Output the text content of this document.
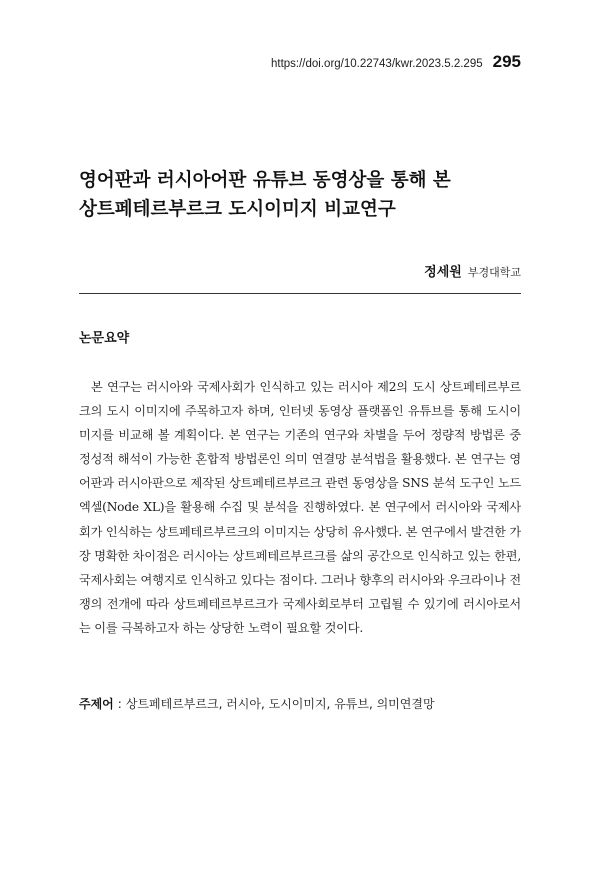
https://doi.org/10.22743/kwr.2023.5.2.295 295
영어판과 러시아어판 유튜브 동영상을 통해 본
상트페테르부르크 도시이미지 비교연구
정세원 부경대학교
논문요약
본 연구는 러시아와 국제사회가 인식하고 있는 러시아 제2의 도시 상트페테르부르크의 도시 이미지에 주목하고자 하며, 인터넷 동영상 플랫폼인 유튜브를 통해 도시이미지를 비교해 볼 계획이다. 본 연구는 기존의 연구와 차별을 두어 정량적 방법론 중 정성적 해석이 가능한 혼합적 방법론인 의미 연결망 분석법을 활용했다. 본 연구는 영어판과 러시아판으로 제작된 상트페테르부르크 관련 동영상을 SNS 분석 도구인 노드엑셀(Node XL)을 활용해 수집 및 분석을 진행하였다. 본 연구에서 러시아와 국제사회가 인식하는 상트페테르부르크의 이미지는 상당히 유사했다. 본 연구에서 발견한 가장 명확한 차이점은 러시아는 상트페테르부르크를 삶의 공간으로 인식하고 있는 한편, 국제사회는 여행지로 인식하고 있다는 점이다. 그러나 향후의 러시아와 우크라이나 전쟁의 전개에 따라 상트페테르부르크가 국제사회로부터 고립될 수 있기에 러시아로서는 이를 극복하고자 하는 상당한 노력이 필요할 것이다.
주제어 : 상트페테르부르크, 러시아, 도시이미지, 유튜브, 의미연결망
